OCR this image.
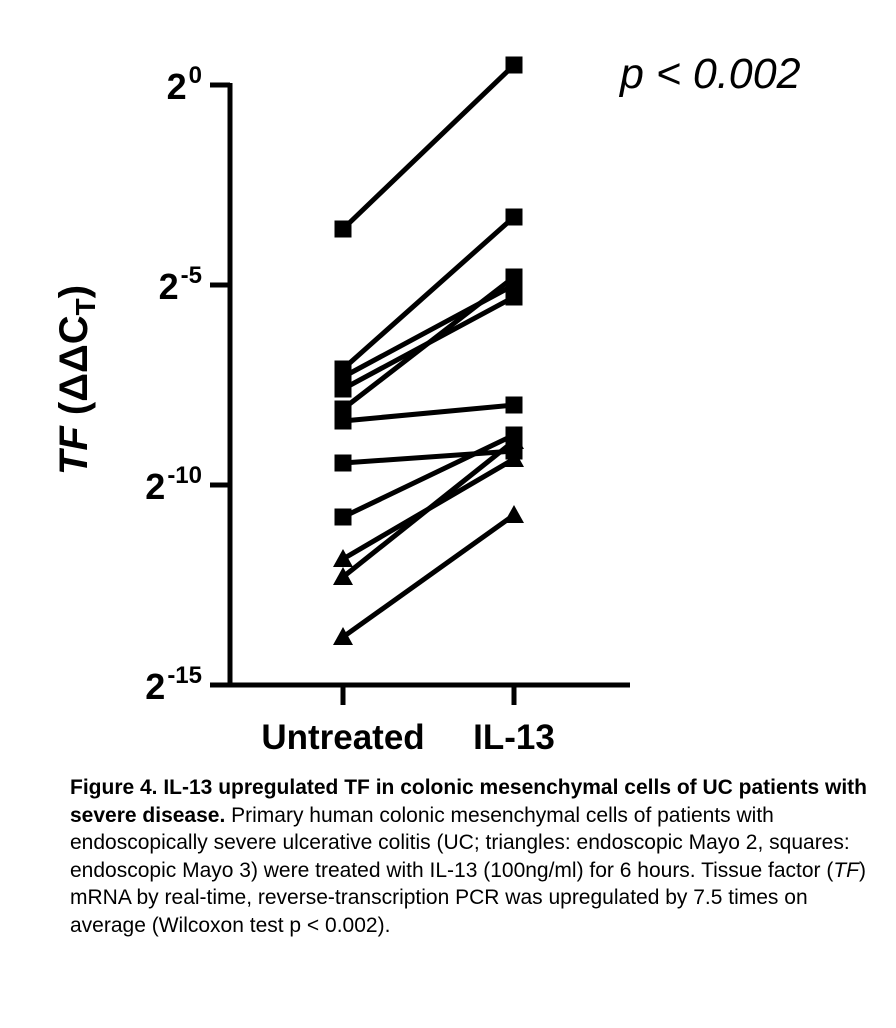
$2^0$
$2^{-5}$
$2^{-10}$
$2^{-15}$
TF $(\Delta\Delta C_T)$
Untreated IL-13
p < 0.002
Figure 4. IL-13 upregulated TF in colonic mesenchymal cells of UC patients with severe disease. Primary human colonic mesenchymal cells of patients with endoscopically severe ulcerative colitis (UC; triangles: endoscopic Mayo 2, squares: endoscopic Mayo 3) were treated with IL-13 (100ng/ml) for 6 hours. Tissue factor (TF) mRNA by real-time, reverse-transcription PCR was upregulated by 7.5 times on average (Wilcoxon test p < 0.002).
